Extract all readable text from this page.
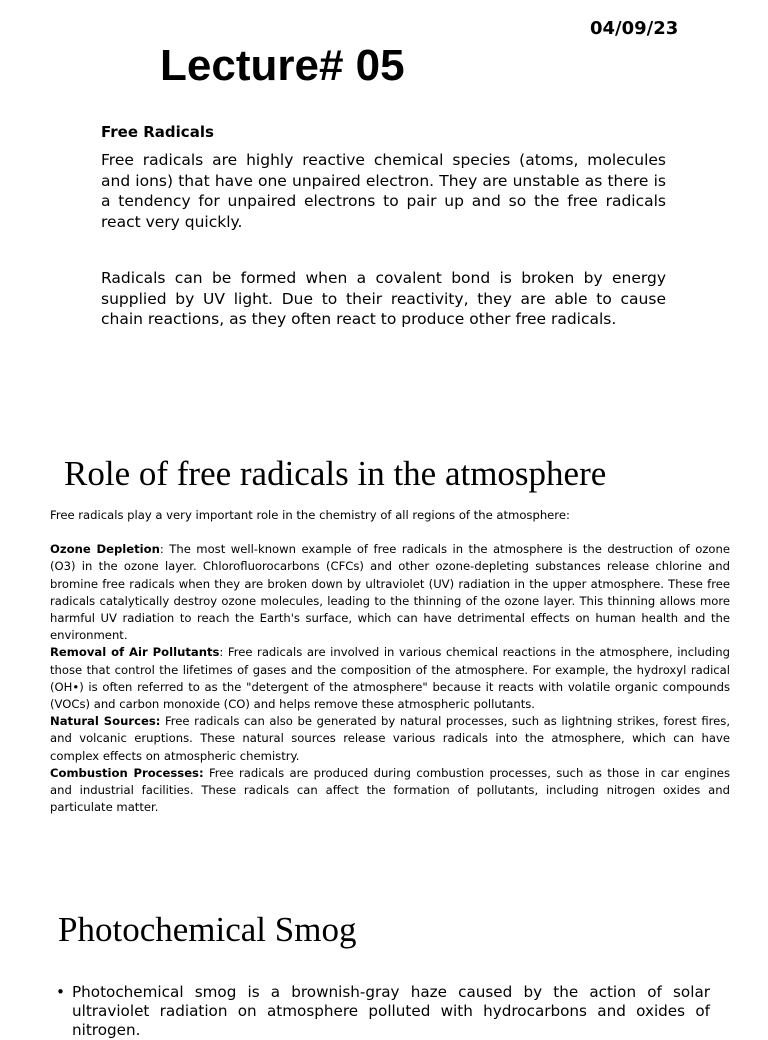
04/09/23
Lecture# 05
Free Radicals

Free radicals are highly reactive chemical species (atoms, molecules and ions) that have one unpaired electron. They are unstable as there is a tendency for unpaired electrons to pair up and so the free radicals react very quickly.

Radicals can be formed when a covalent bond is broken by energy supplied by UV light. Due to their reactivity, they are able to cause chain reactions, as they often react to produce other free radicals.

Role of free radicals in the atmosphere

Free radicals play a very important role in the chemistry of all regions of the atmosphere:

Ozone Depletion: The most well-known example of free radicals in the atmosphere is the destruction of ozone (O3) in the ozone layer. Chlorofluorocarbons (CFCs) and other ozone-depleting substances release chlorine and bromine free radicals when they are broken down by ultraviolet (UV) radiation in the upper atmosphere. These free radicals catalytically destroy ozone molecules, leading to the thinning of the ozone layer. This thinning allows more harmful UV radiation to reach the Earth's surface, which can have detrimental effects on human health and the environment.

Removal of Air Pollutants: Free radicals are involved in various chemical reactions in the atmosphere, including those that control the lifetimes of gases and the composition of the atmosphere. For example, the hydroxyl radical (OH•) is often referred to as the "detergent of the atmosphere" because it reacts with volatile organic compounds (VOCs) and carbon monoxide (CO) and helps remove these atmospheric pollutants.

Natural Sources: Free radicals can also be generated by natural processes, such as lightning strikes, forest fires, and volcanic eruptions. These natural sources release various radicals into the atmosphere, which can have complex effects on atmospheric chemistry.

Combustion Processes: Free radicals are produced during combustion processes, such as those in car engines and industrial facilities. These radicals can affect the formation of pollutants, including nitrogen oxides and particulate matter.

Photochemical Smog
• Photochemical smog is a brownish-gray haze caused by the action of solar ultraviolet radiation on atmosphere polluted with hydrocarbons and oxides of nitrogen.
